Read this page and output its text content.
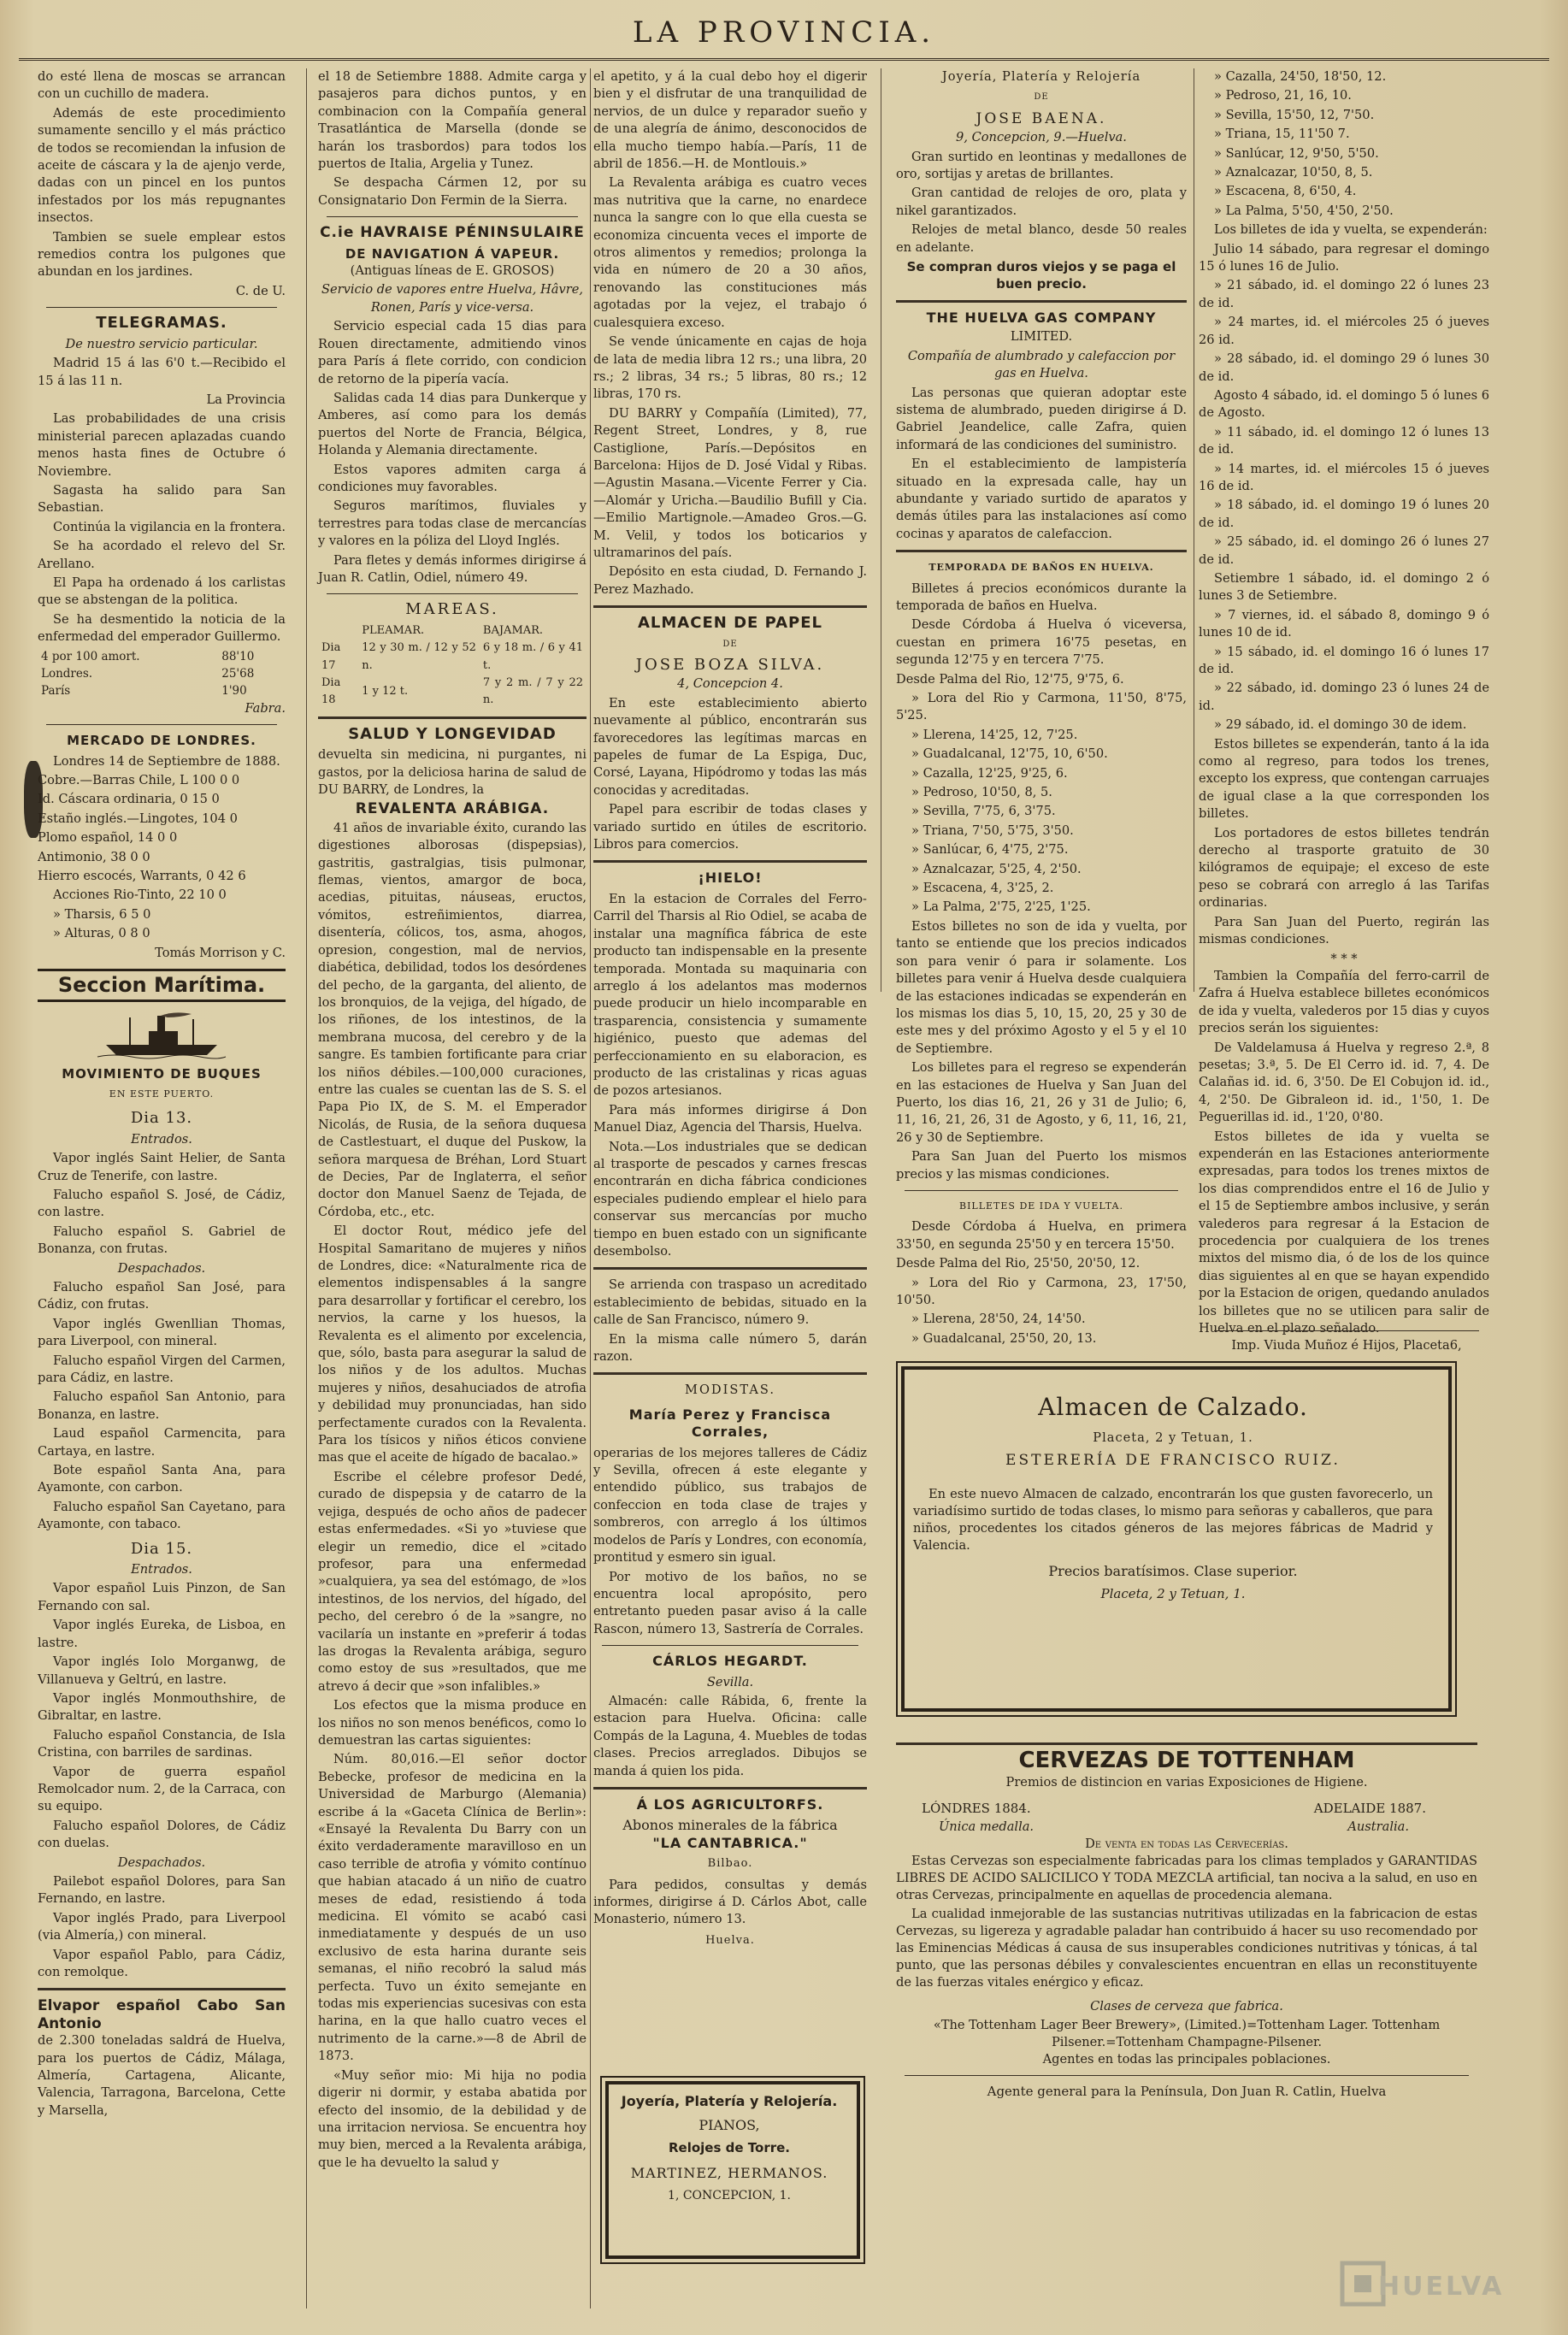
LA PROVINCIA.

do esté llena de moscas se arrancan con un cuchillo de madera.

Además de este procedimiento sumamente sencillo y el más práctico de todos se recomiendan la infusion de aceite de cáscara y la de ajenjo verde, dadas con un pincel en los puntos infestados por los más repugnantes insectos.

Tambien se suele emplear estos remedios contra los pulgones que abundan en los jardines.

C. de U.

TELEGRAMAS.
De nuestro servicio particular.

Madrid 15 á las 6'0 t.—Recibido el 15 á las 11 n.

La Provincia

Las probabilidades de una crisis ministerial parecen aplazadas cuando menos hasta fines de Octubre ó Noviembre.

Sagasta ha salido para San Sebastian.

Continúa la vigilancia en la frontera.

Se ha acordado el relevo del Sr. Arellano.

El Papa ha ordenado á los carlistas que se abstengan de la politica.

Se ha desmentido la noticia de la enfermedad del emperador Guillermo.

4 por 100 amort.	88'10
Londres.	25'68
París	1'90

Fabra.

MERCADO DE LONDRES.

Londres 14 de Septiembre de 1888.

Cobre.—Barras Chile, L 100 0 0

Id. Cáscara ordinaria, 0 15 0

Estaño inglés.—Lingotes, 104 0

Plomo español, 14 0 0

Antimonio, 38 0 0

Hierro escocés, Warrants, 0 42 6

Acciones Rio-Tinto, 22 10 0

» Tharsis, 6 5 0

» Alturas, 0 8 0

Tomás Morrison y C.

Seccion Marítima.
MOVIMIENTO DE BUQUES
EN ESTE PUERTO.
Dia 13.
Entrados.

Vapor inglés Saint Helier, de Santa Cruz de Tenerife, con lastre.

Falucho español S. José, de Cádiz, con lastre.

Falucho español S. Gabriel de Bonanza, con frutas.

Despachados.

Falucho español San José, para Cádiz, con frutas.

Vapor inglés Gwenllian Thomas, para Liverpool, con mineral.

Falucho español Virgen del Carmen, para Cádiz, en lastre.

Falucho español San Antonio, para Bonanza, en lastre.

Laud español Carmencita, para Cartaya, en lastre.

Bote español Santa Ana, para Ayamonte, con carbon.

Falucho español San Cayetano, para Ayamonte, con tabaco.

Dia 15.
Entrados.

Vapor español Luis Pinzon, de San Fernando con sal.

Vapor inglés Eureka, de Lisboa, en lastre.

Vapor inglés Iolo Morganwg, de Villanueva y Geltrú, en lastre.

Vapor inglés Monmouthshire, de Gibraltar, en lastre.

Falucho español Constancia, de Isla Cristina, con barriles de sardinas.

Vapor de guerra español Remolcador num. 2, de la Carraca, con su equipo.

Falucho español Dolores, de Cádiz con duelas.

Despachados.

Pailebot español Dolores, para San Fernando, en lastre.

Vapor inglés Prado, para Liverpool (via Almería,) con mineral.

Vapor español Pablo, para Cádiz, con remolque.

Elvapor español Cabo San Antonio

de 2.300 toneladas saldrá de Huelva, para los puertos de Cádiz, Málaga, Almería, Cartagena, Alicante, Valencia, Tarragona, Barcelona, Cette y Marsella,

el 18 de Setiembre 1888. Admite carga y pasajeros para dichos puntos, y en combinacion con la Compañía general Trasatlántica de Marsella (donde se harán los trasbordos) para todos los puertos de Italia, Argelia y Tunez.

Se despacha Cármen 12, por su Consignatario Don Fermin de la Sierra.

C.ie HAVRAISE PÉNINSULAIRE
DE NAVIGATION Á VAPEUR.
(Antiguas líneas de E. GROSOS)
Servicio de vapores entre Huelva, Hâvre, Ronen, París y vice-versa.

Servicio especial cada 15 dias para Rouen directamente, admitiendo vinos para París á flete corrido, con condicion de retorno de la pipería vacía.

Salidas cada 14 dias para Dunkerque y Amberes, así como para los demás puertos del Norte de Francia, Bélgica, Holanda y Alemania directamente.

Estos vapores admiten carga á condiciones muy favorables.

Seguros marítimos, fluviales y terrestres para todas clase de mercancías y valores en la póliza del Lloyd Inglés.

Para fletes y demás informes dirigirse á Juan R. Catlin, Odiel, número 49.

MAREAS.
	PLEAMAR.	BAJAMAR.
Dia 17	12 y 30 m. / 12 y 52 n.	6 y 18 m. / 6 y 41 t.
Dia 18	1 y 12 t.	7 y 2 m. / 7 y 22 n.
SALUD Y LONGEVIDAD

devuelta sin medicina, ni purgantes, ni gastos, por la deliciosa harina de salud de DU BARRY, de Londres, la

REVALENTA ARÁBIGA.

41 años de invariable éxito, curando las digestiones alborosas (dispepsias), gastritis, gastralgias, tisis pulmonar, flemas, vientos, amargor de boca, acedias, pituitas, náuseas, eructos, vómitos, estreñimientos, diarrea, disentería, cólicos, tos, asma, ahogos, opresion, congestion, mal de nervios, diabética, debilidad, todos los desórdenes del pecho, de la garganta, del aliento, de los bronquios, de la vejiga, del hígado, de los riñones, de los intestinos, de la membrana mucosa, del cerebro y de la sangre. Es tambien fortificante para criar los niños débiles.—100,000 curaciones, entre las cuales se cuentan las de S. S. el Papa Pio IX, de S. M. el Emperador Nicolás, de Rusia, de la señora duquesa de Castlestuart, el duque del Puskow, la señora marquesa de Bréhan, Lord Stuart de Decies, Par de Inglaterra, el señor doctor don Manuel Saenz de Tejada, de Córdoba, etc., etc.

El doctor Rout, médico jefe del Hospital Samaritano de mujeres y niños de Londres, dice: «Naturalmente rica de elementos indispensables á la sangre para desarrollar y fortificar el cerebro, los nervios, la carne y los huesos, la Revalenta es el alimento por excelencia, que, sólo, basta para asegurar la salud de los niños y de los adultos. Muchas mujeres y niños, desahuciados de atrofia y debilidad muy pronunciadas, han sido perfectamente curados con la Revalenta. Para los tísicos y niños éticos conviene mas que el aceite de hígado de bacalao.»

Escribe el célebre profesor Dedé, curado de dispepsia y de catarro de la vejiga, después de ocho años de padecer estas enfermedades. «Si yo »tuviese que elegir un remedio, dice el »citado profesor, para una enfermedad »cualquiera, ya sea del estómago, de »los intestinos, de los nervios, del hígado, del pecho, del cerebro ó de la »sangre, no vacilaría un instante en »preferir á todas las drogas la Revalenta arábiga, seguro como estoy de sus »resultados, que me atrevo á decir que »son infalibles.»

Los efectos que la misma produce en los niños no son menos benéficos, como lo demuestran las cartas siguientes:

Núm. 80,016.—El señor doctor Bebecke, profesor de medicina en la Universidad de Marburgo (Alemania) escribe á la «Gaceta Clínica de Berlin»: «Ensayé la Revalenta Du Barry con un éxito verdaderamente maravilloso en un caso terrible de atrofia y vómito contínuo que habian atacado á un niño de cuatro meses de edad, resistiendo á toda medicina. El vómito se acabó casi inmediatamente y después de un uso exclusivo de esta harina durante seis semanas, el niño recobró la salud más perfecta. Tuvo un éxito semejante en todas mis experiencias sucesivas con esta harina, en la que hallo cuatro veces el nutrimento de la carne.»—8 de Abril de 1873.

«Muy señor mio: Mi hija no podia digerir ni dormir, y estaba abatida por efecto del insomio, de la debilidad y de una irritacion nerviosa. Se encuentra hoy muy bien, merced a la Revalenta arábiga, que le ha devuelto la salud y

el apetito, y á la cual debo hoy el digerir bien y el disfrutar de una tranquilidad de nervios, de un dulce y reparador sueño y de una alegría de ánimo, desconocidos de ella mucho tiempo había.—París, 11 de abril de 1856.—H. de Montlouis.»

La Revalenta arábiga es cuatro veces mas nutritiva que la carne, no enardece nunca la sangre con lo que ella cuesta se economiza cincuenta veces el importe de otros alimentos y remedios; prolonga la vida en número de 20 a 30 años, renovando las constituciones más agotadas por la vejez, el trabajo ó cualesquiera exceso.

Se vende únicamente en cajas de hoja de lata de media libra 12 rs.; una libra, 20 rs.; 2 libras, 34 rs.; 5 libras, 80 rs.; 12 libras, 170 rs.

DU BARRY y Compañía (Limited), 77, Regent Street, Londres, y 8, rue Castiglione, París.—Depósitos en Barcelona: Hijos de D. José Vidal y Ribas. —Agustin Masana.—Vicente Ferrer y Cia.—Alomár y Uricha.—Baudilio Bufill y Cia.—Emilio Martignole.—Amadeo Gros.—G. M. Velil, y todos los boticarios y ultramarinos del país.

Depósito en esta ciudad, D. Fernando J. Perez Mazhado.

ALMACEN DE PAPEL
DE
JOSE BOZA SILVA.
4, Concepcion 4.

En este establecimiento abierto nuevamente al público, encontrarán sus favorecedores las legítimas marcas en papeles de fumar de La Espiga, Duc, Corsé, Layana, Hipódromo y todas las más conocidas y acreditadas.

Papel para escribir de todas clases y variado surtido en útiles de escritorio. Libros para comercios.

¡HIELO!

En la estacion de Corrales del Ferro-Carril del Tharsis al Rio Odiel, se acaba de instalar una magnífica fábrica de este producto tan indispensable en la presente temporada. Montada su maquinaria con arreglo á los adelantos mas modernos puede producir un hielo incomparable en trasparencia, consistencia y sumamente higiénico, puesto que ademas del perfeccionamiento en su elaboracion, es producto de las cristalinas y ricas aguas de pozos artesianos.

Para más informes dirigirse á Don Manuel Diaz, Agencia del Tharsis, Huelva.

Nota.—Los industriales que se dedican al trasporte de pescados y carnes frescas encontrarán en dicha fábrica condiciones especiales pudiendo emplear el hielo para conservar sus mercancías por mucho tiempo en buen estado con un significante desembolso.

Se arrienda con traspaso un acreditado establecimiento de bebidas, situado en la calle de San Francisco, número 9.

En la misma calle número 5, darán razon.

MODISTAS.
María Perez y Francisca Corrales,

operarias de los mejores talleres de Cádiz y Sevilla, ofrecen á este elegante y entendido público, sus trabajos de confeccion en toda clase de trajes y sombreros, con arreglo á los últimos modelos de París y Londres, con economía, prontitud y esmero sin igual.

Por motivo de los baños, no se encuentra local apropósito, pero entretanto pueden pasar aviso á la calle Rascon, número 13, Sastrería de Corrales.

CÁRLOS HEGARDT.
Sevilla.

Almacén: calle Rábida, 6, frente la estacion para Huelva. Oficina: calle Compás de la Laguna, 4. Muebles de todas clases. Precios arreglados. Dibujos se manda á quien los pida.

Á LOS AGRICULTORFS.
Abonos minerales de la fábrica
"LA CANTABRICA."
Bilbao.

Para pedidos, consultas y demás informes, dirigirse á D. Cárlos Abot, calle Monasterio, número 13.

Huelva.
Joyería, Platería y Relojería.
PIANOS,
Relojes de Torre.
MARTINEZ, HERMANOS.
1, CONCEPCION, 1.
Joyería, Platería y Relojería
DE
JOSE BAENA.
9, Concepcion, 9.—Huelva.

Gran surtido en leontinas y medallones de oro, sortijas y aretas de brillantes.

Gran cantidad de relojes de oro, plata y nikel garantizados.

Relojes de metal blanco, desde 50 reales en adelante.

Se compran duros viejos y se paga el buen precio.
THE HUELVA GAS COMPANY
LIMITED.
Compañía de alumbrado y calefaccion por gas en Huelva.

Las personas que quieran adoptar este sistema de alumbrado, pueden dirigirse á D. Gabriel Jeandelice, calle Zafra, quien informará de las condiciones del suministro.

En el establecimiento de lampistería situado en la expresada calle, hay un abundante y variado surtido de aparatos y demás útiles para las instalaciones así como cocinas y aparatos de calefaccion.

TEMPORADA DE BAÑOS EN HUELVA.

Billetes á precios económicos durante la temporada de baños en Huelva.

Desde Córdoba á Huelva ó viceversa, cuestan en primera 16'75 pesetas, en segunda 12'75 y en tercera 7'75.

Desde Palma del Rio, 12'75, 9'75, 6.

» Lora del Rio y Carmona, 11'50, 8'75, 5'25.

» Llerena, 14'25, 12, 7'25.

» Guadalcanal, 12'75, 10, 6'50.

» Cazalla, 12'25, 9'25, 6.

» Pedroso, 10'50, 8, 5.

» Sevilla, 7'75, 6, 3'75.

» Triana, 7'50, 5'75, 3'50.

» Sanlúcar, 6, 4'75, 2'75.

» Aznalcazar, 5'25, 4, 2'50.

» Escacena, 4, 3'25, 2.

» La Palma, 2'75, 2'25, 1'25.

Estos billetes no son de ida y vuelta, por tanto se entiende que los precios indicados son para venir ó para ir solamente. Los billetes para venir á Huelva desde cualquiera de las estaciones indicadas se expenderán en los mismas los dias 5, 10, 15, 20, 25 y 30 de este mes y del próximo Agosto y el 5 y el 10 de Septiembre.

Los billetes para el regreso se expenderán en las estaciones de Huelva y San Juan del Puerto, los dias 16, 21, 26 y 31 de Julio; 6, 11, 16, 21, 26, 31 de Agosto, y 6, 11, 16, 21, 26 y 30 de Septiembre.

Para San Juan del Puerto los mismos precios y las mismas condiciones.

BILLETES DE IDA Y VUELTA.

Desde Córdoba á Huelva, en primera 33'50, en segunda 25'50 y en tercera 15'50.

Desde Palma del Rio, 25'50, 20'50, 12.

» Lora del Rio y Carmona, 23, 17'50, 10'50.

» Llerena, 28'50, 24, 14'50.

» Guadalcanal, 25'50, 20, 13.

» Cazalla, 24'50, 18'50, 12.

» Pedroso, 21, 16, 10.

» Sevilla, 15'50, 12, 7'50.

» Triana, 15, 11'50 7.

» Sanlúcar, 12, 9'50, 5'50.

» Aznalcazar, 10'50, 8, 5.

» Escacena, 8, 6'50, 4.

» La Palma, 5'50, 4'50, 2'50.

Los billetes de ida y vuelta, se expenderán:

Julio 14 sábado, para regresar el domingo 15 ó lunes 16 de Julio.

» 21 sábado, id. el domingo 22 ó lunes 23 de id.

» 24 martes, id. el miércoles 25 ó jueves 26 id.

» 28 sábado, id. el domingo 29 ó lunes 30 de id.

Agosto 4 sábado, id. el domingo 5 ó lunes 6 de Agosto.

» 11 sábado, id. el domingo 12 ó lunes 13 de id.

» 14 martes, id. el miércoles 15 ó jueves 16 de id.

» 18 sábado, id. el domingo 19 ó lunes 20 de id.

» 25 sábado, id. el domingo 26 ó lunes 27 de id.

Setiembre 1 sábado, id. el domingo 2 ó lunes 3 de Setiembre.

» 7 viernes, id. el sábado 8, domingo 9 ó lunes 10 de id.

» 15 sábado, id. el domingo 16 ó lunes 17 de id.

» 22 sábado, id. domingo 23 ó lunes 24 de id.

» 29 sábado, id. el domingo 30 de idem.

Estos billetes se expenderán, tanto á la ida como al regreso, para todos los trenes, excepto los express, que contengan carruajes de igual clase a la que corresponden los billetes.

Los portadores de estos billetes tendrán derecho al trasporte gratuito de 30 kilógramos de equipaje; el exceso de este peso se cobrará con arreglo á las Tarifas ordinarias.

Para San Juan del Puerto, regirán las mismas condiciones.

* * *

Tambien la Compañía del ferro-carril de Zafra á Huelva establece billetes económicos de ida y vuelta, valederos por 15 dias y cuyos precios serán los siguientes:

De Valdelamusa á Huelva y regreso 2.ª, 8 pesetas; 3.ª, 5. De El Cerro id. id. 7, 4. De Calañas id. id. 6, 3'50. De El Cobujon id. id., 4, 2'50. De Gibraleon id. id., 1'50, 1. De Peguerillas id. id., 1'20, 0'80.

Estos billetes de ida y vuelta se expenderán en las Estaciones anteriormente expresadas, para todos los trenes mixtos de los dias comprendidos entre el 16 de Julio y el 15 de Septiembre ambos inclusive, y serán valederos para regresar á la Estacion de procedencia por cualquiera de los trenes mixtos del mismo dia, ó de los de los quince dias siguientes al en que se hayan expendido por la Estacion de origen, quedando anulados los billetes que no se utilicen para salir de Huelva en el plazo señalado.

Imp. Viuda Muñoz é Hijos, Placeta6,
Almacen de Calzado.
Placeta, 2 y Tetuan, 1.
ESTERERÍA DE FRANCISCO RUIZ.

En este nuevo Almacen de calzado, encontrarán los que gusten favorecerlo, un variadísimo surtido de todas clases, lo mismo para señoras y caballeros, que para niños, procedentes los citados géneros de las mejores fábricas de Madrid y Valencia.

Precios baratísimos. Clase superior.
Placeta, 2 y Tetuan, 1.
CERVEZAS DE TOTTENHAM
Premios de distincion en varias Exposiciones de Higiene.
LÓNDRES 1884.	ADELAIDE 1887.
Única medalla.	Australia.
De venta en todas las Cervecerías.

Estas Cervezas son especialmente fabricadas para los climas templados y GARANTIDAS LIBRES DE ACIDO SALICILICO Y TODA MEZCLA artificial, tan nociva a la salud, en uso en otras Cervezas, principalmente en aquellas de procedencia alemana.

La cualidad inmejorable de las sustancias nutritivas utilizadas en la fabricacion de estas Cervezas, su ligereza y agradable paladar han contribuido á hacer su uso recomendado por las Eminencias Médicas á causa de sus insuperables condiciones nutritivas y tónicas, á tal punto, que las personas débiles y convalescientes encuentran en ellas un reconstituyente de las fuerzas vitales enérgico y eficaz.

Clases de cerveza que fabrica.
«The Tottenham Lager Beer Brewery», (Limited.)=Tottenham Lager. Tottenham Pilsener.=Tottenham Champagne-Pilsener.
Agentes en todas las principales poblaciones.
Agente general para la Península, Don Juan R. Catlin, Huelva
HUELVA
